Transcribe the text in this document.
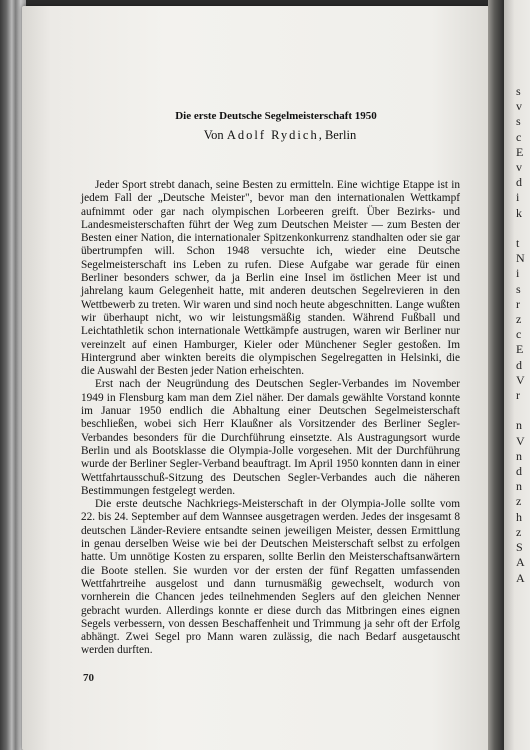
s
v
s
c
E
v
d
i
k

t
N
i
s
r
z
c
E
d
V
r

n
V
n
d
n
z
h
z
S
A
A
Die erste Deutsche Segelmeisterschaft 1950
Von Adolf Rydich, Berlin

Jeder Sport strebt danach, seine Besten zu ermitteln. Eine wichtige Etappe ist in jedem Fall der „Deutsche Meister", bevor man den internationalen Wettkampf aufnimmt oder gar nach olympischen Lorbeeren greift. Über Bezirks- und Landesmeisterschaften führt der Weg zum Deutschen Meister — zum Besten der Besten einer Nation, die internationaler Spitzenkonkurrenz standhalten oder sie gar übertrumpfen will. Schon 1948 versuchte ich, wieder eine Deutsche Segelmeisterschaft ins Leben zu rufen. Diese Aufgabe war gerade für einen Berliner besonders schwer, da ja Berlin eine Insel im östlichen Meer ist und jahrelang kaum Gelegenheit hatte, mit anderen deutschen Segelrevieren in den Wettbewerb zu treten. Wir waren und sind noch heute abgeschnitten. Lange wußten wir überhaupt nicht, wo wir leistungsmäßig standen. Während Fußball und Leichtathletik schon internationale Wettkämpfe austrugen, waren wir Berliner nur vereinzelt auf einen Hamburger, Kieler oder Münchener Segler gestoßen. Im Hintergrund aber winkten bereits die olympischen Segelregatten in Helsinki, die die Auswahl der Besten jeder Nation erheischten.

Erst nach der Neugründung des Deutschen Segler-Verbandes im November 1949 in Flensburg kam man dem Ziel näher. Der damals gewählte Vorstand konnte im Januar 1950 endlich die Abhaltung einer Deutschen Segelmeisterschaft beschließen, wobei sich Herr Klaußner als Vorsitzender des Berliner Segler-Verbandes besonders für die Durchführung einsetzte. Als Austragungsort wurde Berlin und als Bootsklasse die Olympia-Jolle vorgesehen. Mit der Durchführung wurde der Berliner Segler-Verband beauftragt. Im April 1950 konnten dann in einer Wettfahrtausschuß-Sitzung des Deutschen Segler-Verbandes auch die näheren Bestimmungen festgelegt werden.

Die erste deutsche Nachkriegs-Meisterschaft in der Olympia-Jolle sollte vom 22. bis 24. September auf dem Wannsee ausgetragen werden. Jedes der insgesamt 8 deutschen Länder-Reviere entsandte seinen jeweiligen Meister, dessen Ermittlung in genau derselben Weise wie bei der Deutschen Meisterschaft selbst zu erfolgen hatte. Um unnötige Kosten zu ersparen, sollte Berlin den Meisterschaftsanwärtern die Boote stellen. Sie wurden vor der ersten der fünf Regatten umfassenden Wettfahrtreihe ausgelost und dann turnusmäßig gewechselt, wodurch von vornherein die Chancen jedes teilnehmenden Seglers auf den gleichen Nenner gebracht wurden. Allerdings konnte er diese durch das Mitbringen eines eignen Segels verbessern, von dessen Beschaffenheit und Trimmung ja sehr oft der Erfolg abhängt. Zwei Segel pro Mann waren zulässig, die nach Bedarf ausgetauscht werden durften.

70
